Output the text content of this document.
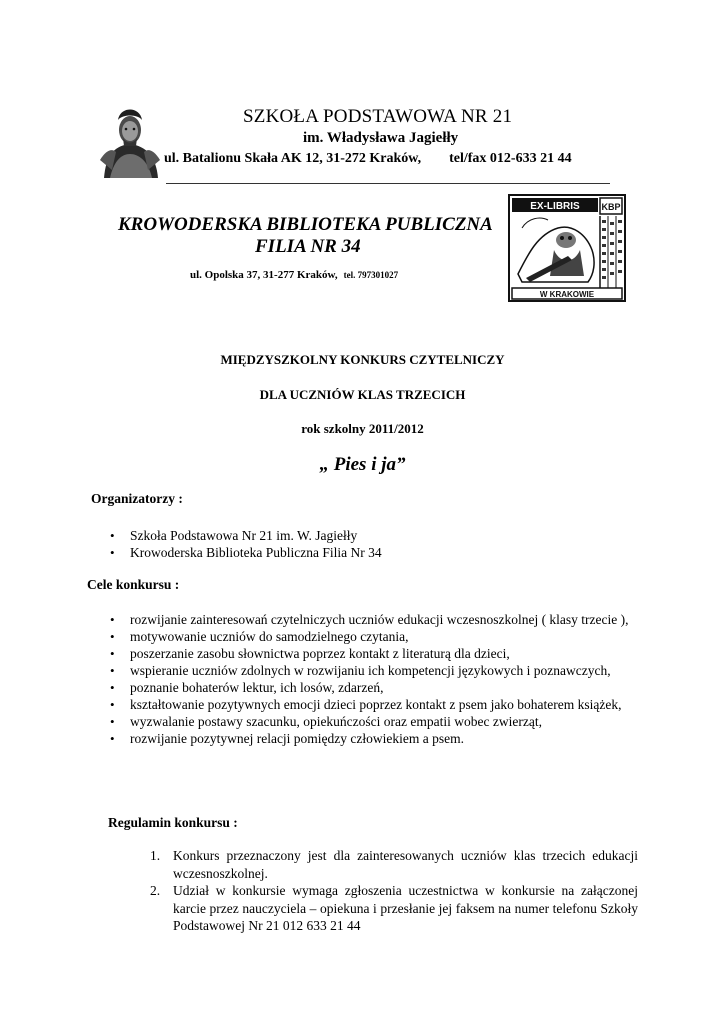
SZKOŁA PODSTAWOWA NR 21
im. Władysława Jagiełły
ul. Batalionu Skała AK 12, 31-272 Kraków, tel/fax 012-633 21 44
KROWODERSKA BIBLIOTEKA PUBLICZNA
FILIA NR 34
ul. Opolska 37, 31-277 Kraków, tel. 797301027
EX-LIBRIS KBP
W KRAKOWIE
MIĘDZYSZKOLNY KONKURS CZYTELNICZY
DLA UCZNIÓW KLAS TRZECICH
rok szkolny 2011/2012
„ Pies i ja”
Organizatorzy :
• Szkoła Podstawowa Nr 21 im. W. Jagiełły
• Krowoderska Biblioteka Publiczna Filia Nr 34
Cele konkursu :
• rozwijanie zainteresowań czytelniczych uczniów edukacji wczesnoszkolnej ( klasy trzecie ),
• motywowanie uczniów do samodzielnego czytania,
• poszerzanie zasobu słownictwa poprzez kontakt z literaturą dla dzieci,
• wspieranie uczniów zdolnych w rozwijaniu ich kompetencji językowych i poznawczych,
• poznanie bohaterów lektur, ich losów, zdarzeń,
• kształtowanie pozytywnych emocji dzieci poprzez kontakt z psem jako bohaterem książek,
• wyzwalanie postawy szacunku, opiekuńczości oraz empatii wobec zwierząt,
• rozwijanie pozytywnej relacji pomiędzy człowiekiem a psem.
Regulamin konkursu :
1. Konkurs przeznaczony jest dla zainteresowanych uczniów klas trzecich edukacji wczesnoszkolnej.
2. Udział w konkursie wymaga zgłoszenia uczestnictwa w konkursie na załączonej karcie przez nauczyciela – opiekuna i przesłanie jej faksem na numer telefonu Szkoły Podstawowej Nr 21 012 633 21 44
